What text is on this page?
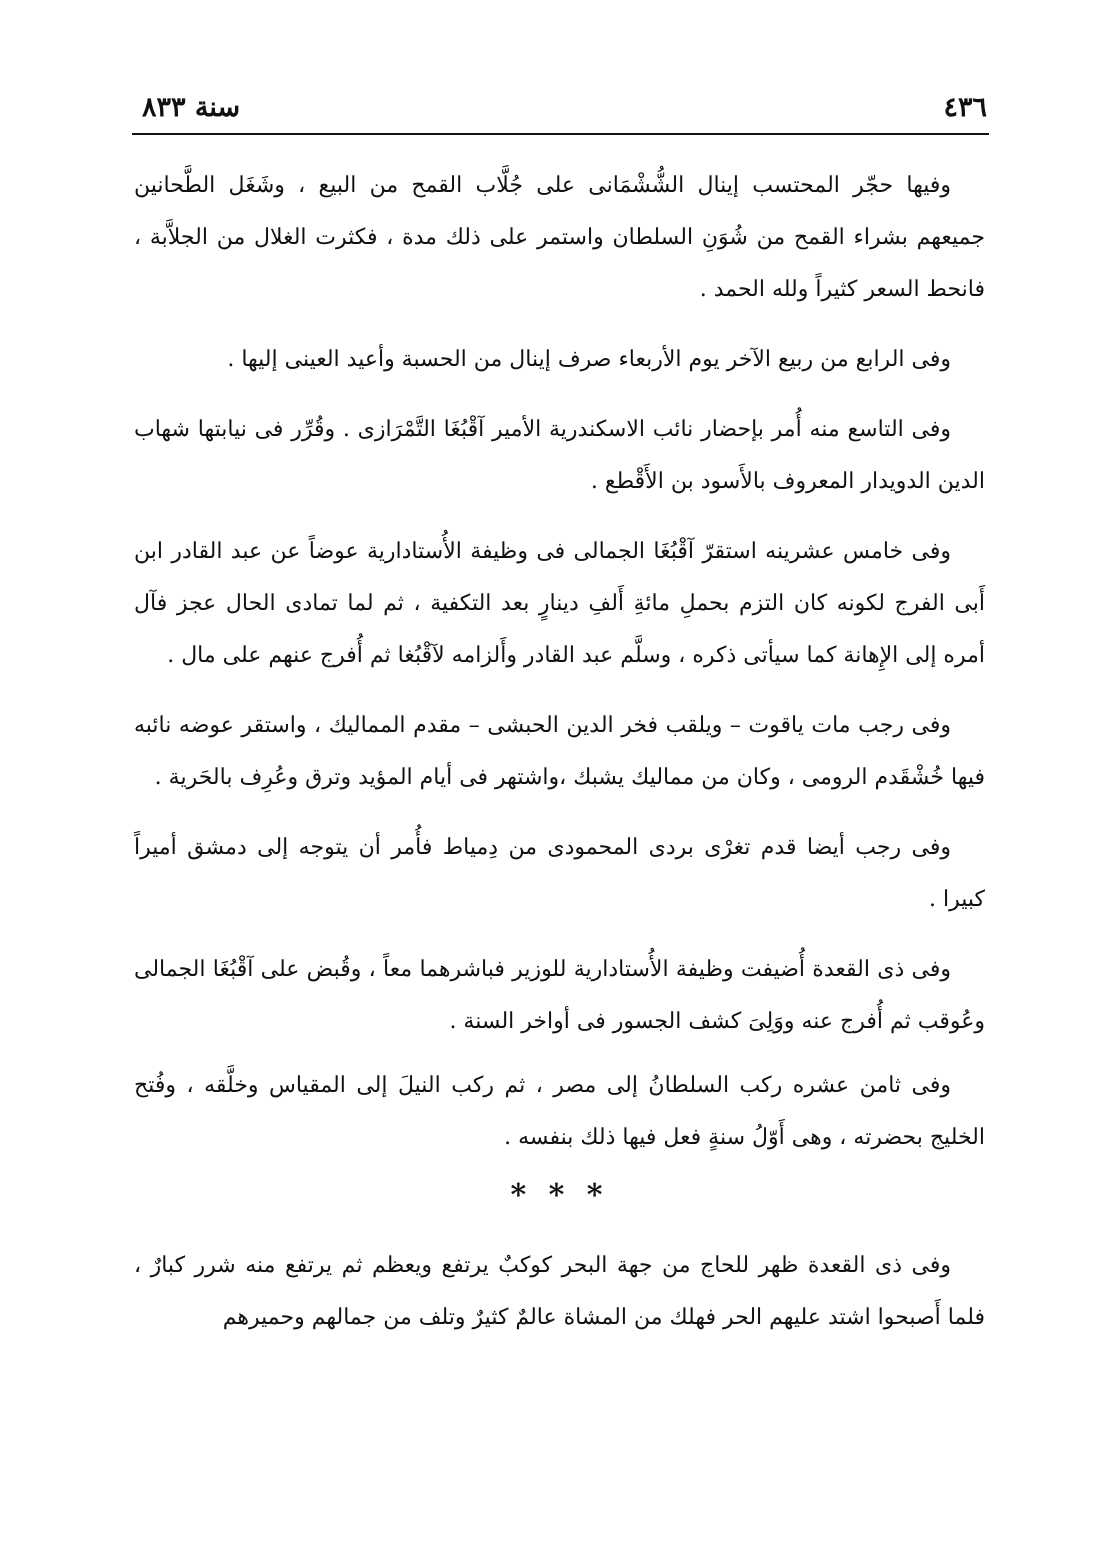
٤٣٦
سنة ٨٣٣

وفيها حجّر المحتسب إينال الشُّشْمَانى على جُلَّاب القمح من البيع ، وشَغَل الطَّحانين جميعهم بشراء القمح من شُوَنِ السلطان واستمر على ذلك مدة ، فكثرت الغلال من الجلاَّبة ، فانحط السعر كثيراً ولله الحمد .

وفى الرابع من ربيع الآخر يوم الأربعاء صرف إينال من الحسبة وأعيد العينى إليها .

وفى التاسع منه أُمر بإحضار نائب الاسكندرية الأمير آقْبُغَا التَّمْرَازى . وقُرِّر فى نيابتها شهاب الدين الدويدار المعروف بالأَسود بن الأَقْطع .

وفى خامس عشرينه استقرّ آقْبُغَا الجمالى فى وظيفة الأُستادارية عوضاً عن عبد القادر ابن أَبى الفرج لكونه كان التزم بحملِ مائةِ أَلفِ دينارٍ بعد التكفية ، ثم لما تمادى الحال عجز فآل أمره إلى الإِهانة كما سيأتى ذكره ، وسلَّم عبد القادر وأَلزامه لآقْبُغا ثم أُفرج عنهم على مال .

وفى رجب مات ياقوت – ويلقب فخر الدين الحبشى – مقدم المماليك ، واستقر عوضه نائبه فيها خُشْقَدم الرومى ، وكان من مماليك يشبك ،واشتهر فى أيام المؤيد وترق وعُرِف بالحَرية .

وفى رجب أيضا قدم تغرْى بردى المحمودى من دِمياط فأُمر أن يتوجه إلى دمشق أميراً كبيرا .

وفى ذى القعدة أُضيفت وظيفة الأُستادارية للوزير فباشرهما معاً ، وقُبض على آقْبُغَا الجمالى وعُوقب ثم أُفرج عنه ووَلِىَ كشف الجسور فى أواخر السنة .

وفى ثامن عشره ركب السلطانُ إلى مصر ، ثم ركب النيلَ إلى المقياس وخلَّقه ، وفُتح الخليج بحضرته ، وهى أَوّلُ سنةٍ فعل فيها ذلك بنفسه .

* * *

وفى ذى القعدة ظهر للحاج من جهة البحر كوكبٌ يرتفع ويعظم ثم يرتفع منه شرر كبارٌ ، فلما أَصبحوا اشتد عليهم الحر فهلك من المشاة عالمٌ كثيرٌ وتلف من جمالهم وحميرهم
